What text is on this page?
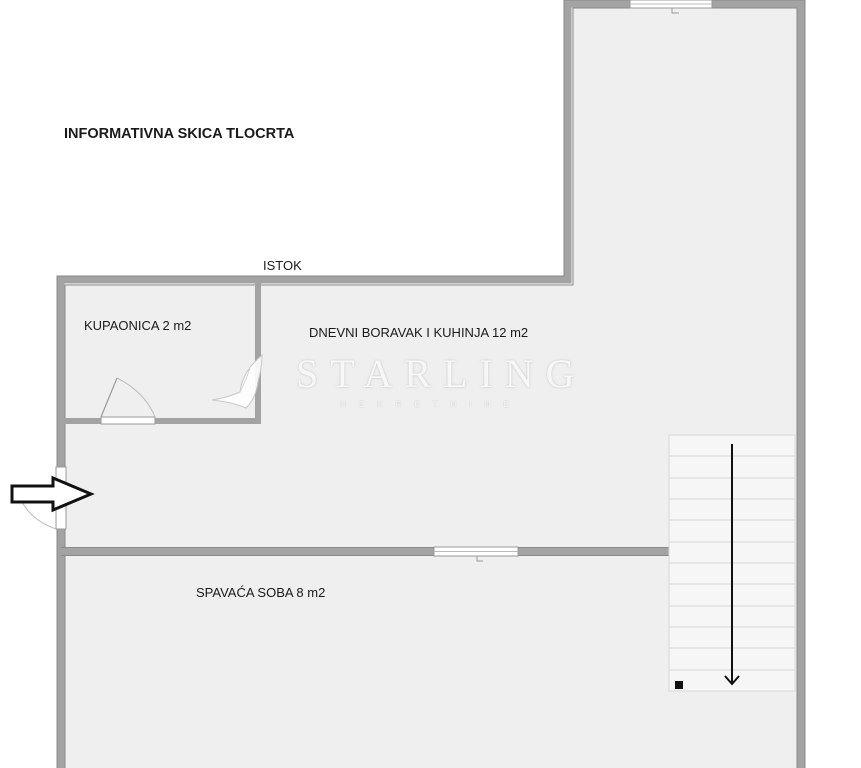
INFORMATIVNA SKICA TLOCRTA
ISTOK
KUPAONICA 2 m2	DNEVNI BORAVAK I KUHINJA 12 m2
SPAVAĆA SOBA 8 m2
STARLING
NEKRETNINE
